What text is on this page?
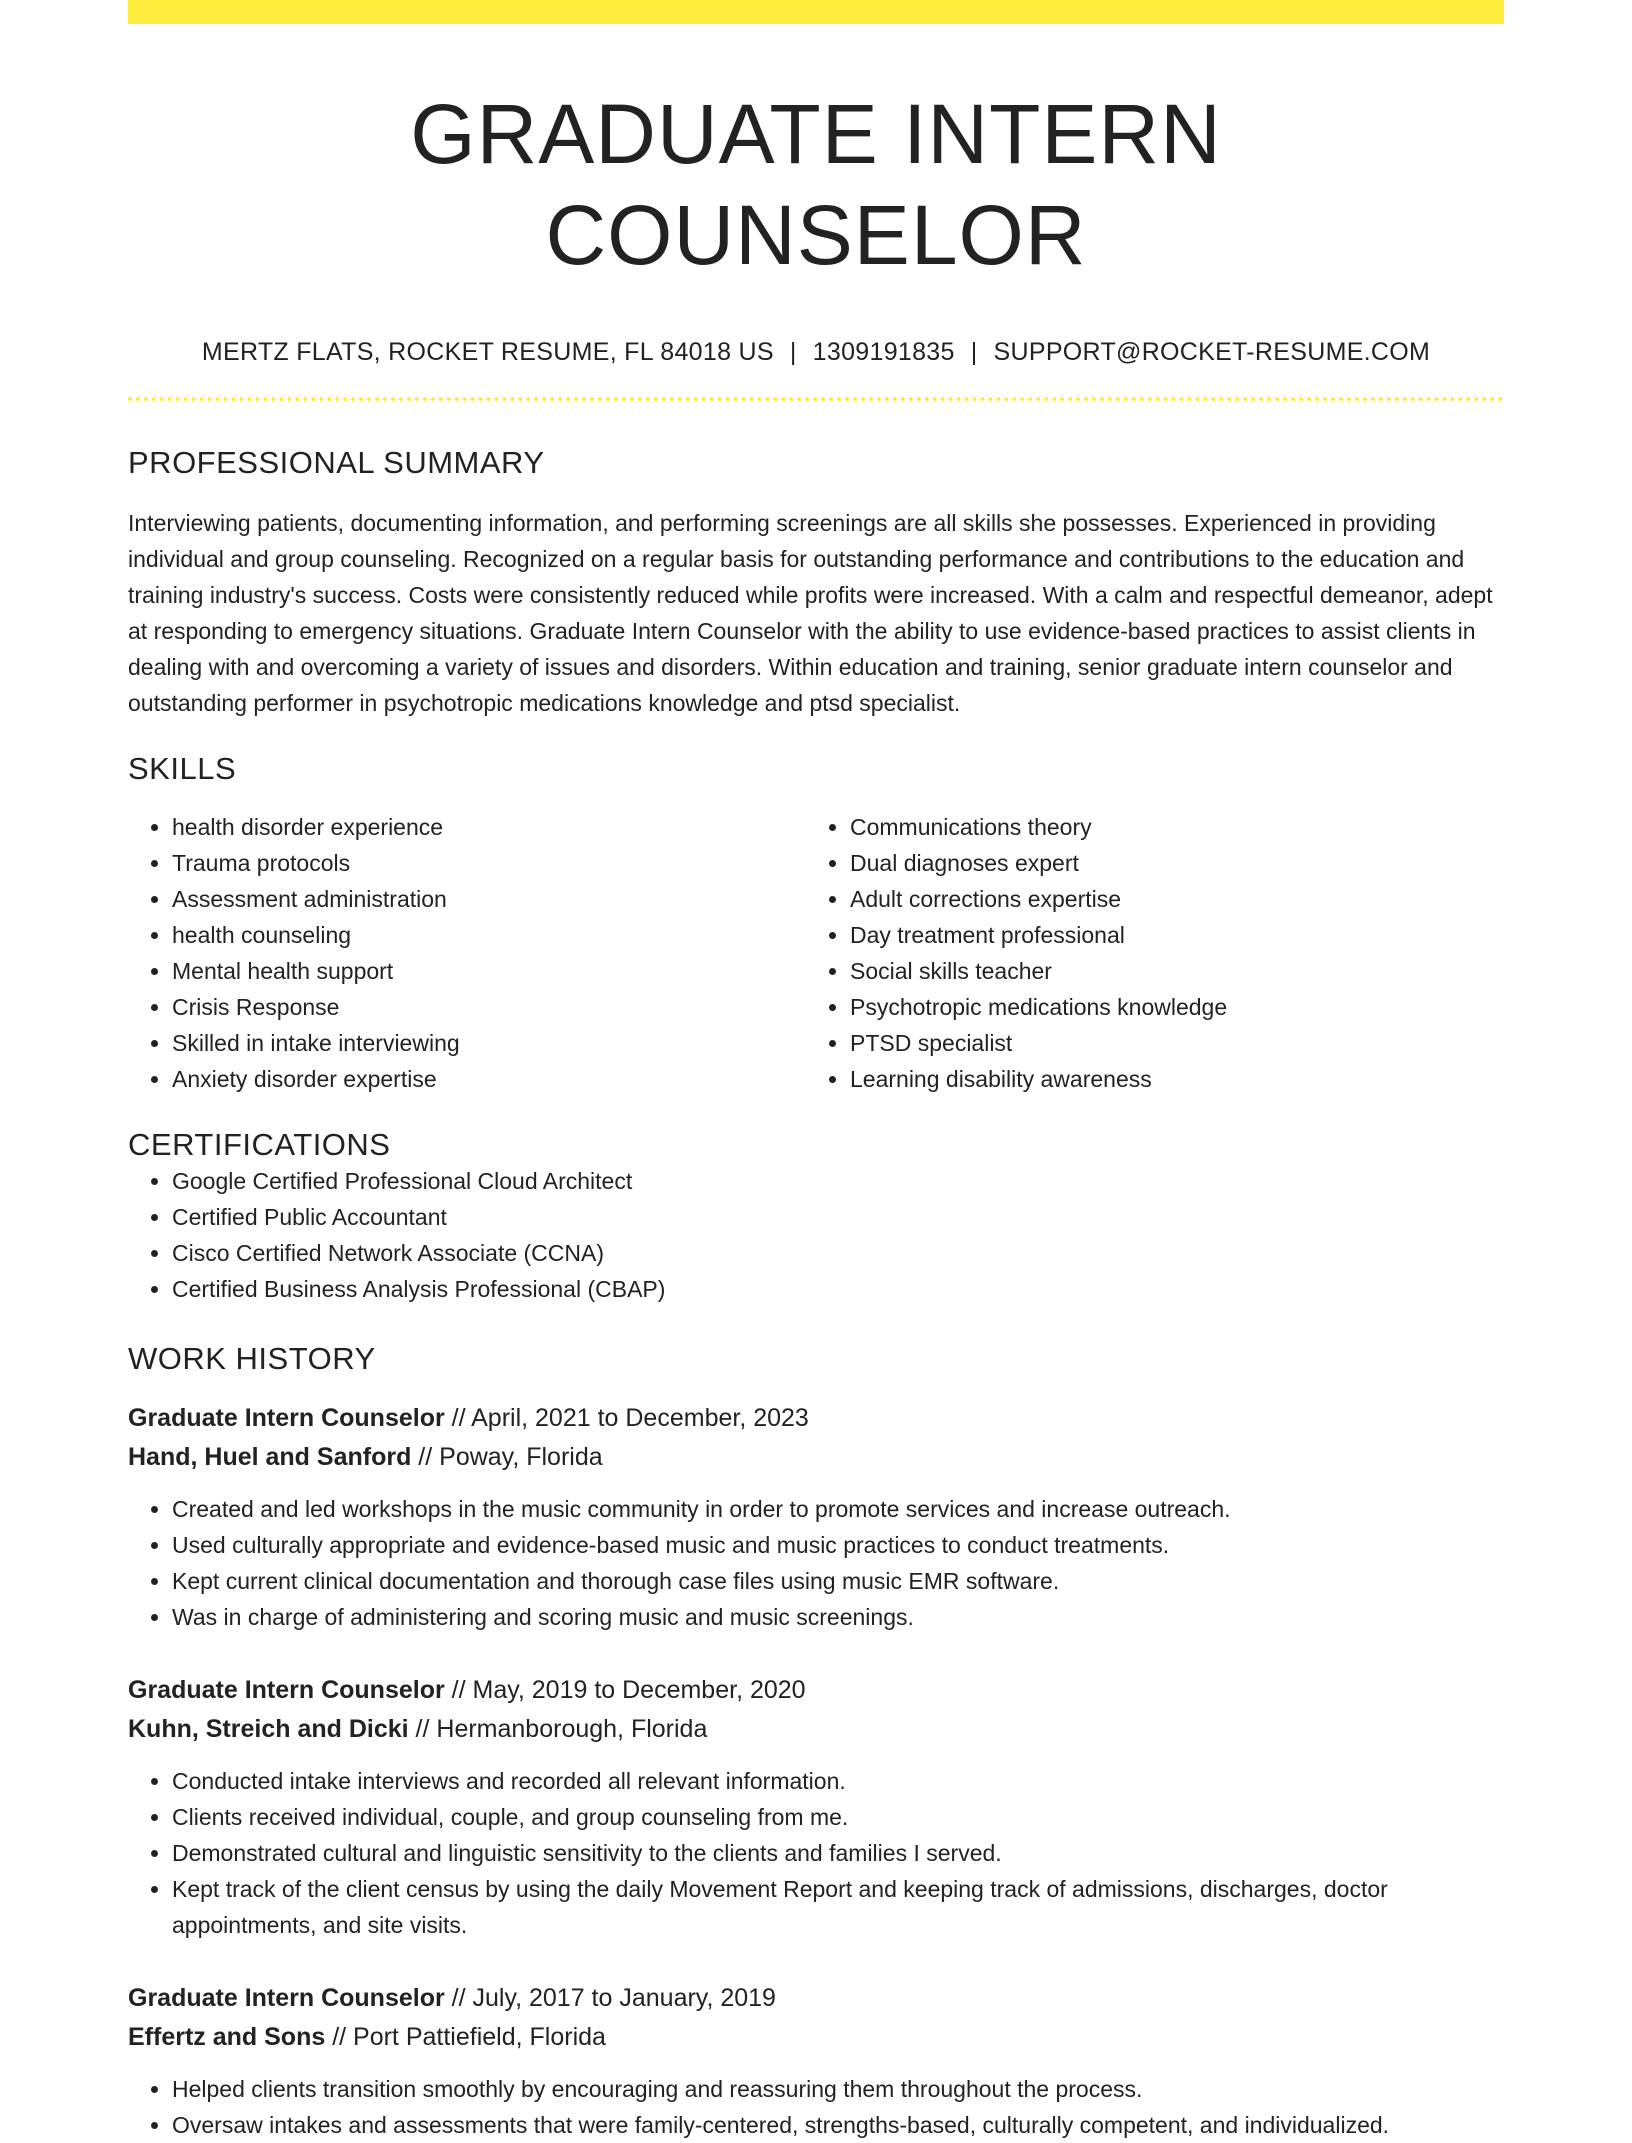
GRADUATE INTERN COUNSELOR
MERTZ FLATS, ROCKET RESUME, FL 84018 US | 1309191835 | SUPPORT@ROCKET-RESUME.COM
PROFESSIONAL SUMMARY

Interviewing patients, documenting information, and performing screenings are all skills she possesses. Experienced in providing individual and group counseling. Recognized on a regular basis for outstanding performance and contributions to the education and training industry's success. Costs were consistently reduced while profits were increased. With a calm and respectful demeanor, adept at responding to emergency situations. Graduate Intern Counselor with the ability to use evidence-based practices to assist clients in dealing with and overcoming a variety of issues and disorders. Within education and training, senior graduate intern counselor and outstanding performer in psychotropic medications knowledge and ptsd specialist.

SKILLS
• health disorder experience
• Trauma protocols
• Assessment administration
• health counseling
• Mental health support
• Crisis Response
• Skilled in intake interviewing
• Anxiety disorder expertise
• Communications theory
• Dual diagnoses expert
• Adult corrections expertise
• Day treatment professional
• Social skills teacher
• Psychotropic medications knowledge
• PTSD specialist
• Learning disability awareness
CERTIFICATIONS
• Google Certified Professional Cloud Architect
• Certified Public Accountant
• Cisco Certified Network Associate (CCNA)
• Certified Business Analysis Professional (CBAP)
WORK HISTORY
Graduate Intern Counselor // April, 2021 to December, 2023
Hand, Huel and Sanford // Poway, Florida
• Created and led workshops in the music community in order to promote services and increase outreach.
• Used culturally appropriate and evidence-based music and music practices to conduct treatments.
• Kept current clinical documentation and thorough case files using music EMR software.
• Was in charge of administering and scoring music and music screenings.
Graduate Intern Counselor // May, 2019 to December, 2020
Kuhn, Streich and Dicki // Hermanborough, Florida
• Conducted intake interviews and recorded all relevant information.
• Clients received individual, couple, and group counseling from me.
• Demonstrated cultural and linguistic sensitivity to the clients and families I served.
• Kept track of the client census by using the daily Movement Report and keeping track of admissions, discharges, doctor appointments, and site visits.
Graduate Intern Counselor // July, 2017 to January, 2019
Effertz and Sons // Port Pattiefield, Florida
• Helped clients transition smoothly by encouraging and reassuring them throughout the process.
• Oversaw intakes and assessments that were family-centered, strengths-based, culturally competent, and individualized.
